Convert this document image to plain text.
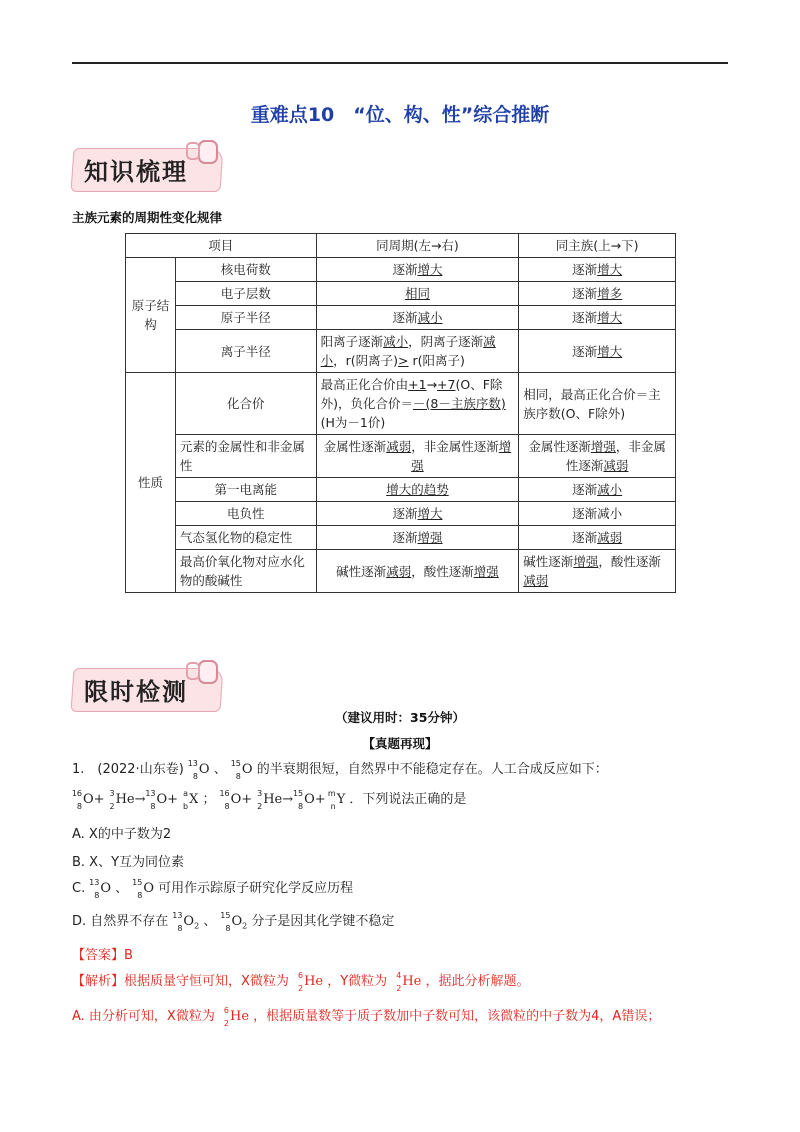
重难点10　“位、构、性”综合推断
知识梳理
主族元素的周期性变化规律
项目		同周期(左→右)	同主族(上→下)
原子结构	核电荷数	逐渐增大	逐渐增大
	电子层数	相同	逐渐增多
	原子半径	逐渐减小	逐渐增大
	离子半径	阳离子逐渐减小，阴离子逐渐减小，r(阴离子)> r(阳离子)	逐渐增大
性质	化合价	最高正化合价由+1→+7(O、F除外)，负化合价＝－(8－主族序数)(H为－1价)	相同，最高正化合价＝主族序数(O、F除外)
	元素的金属性和非金属性	金属性逐渐减弱，非金属性逐渐增强	金属性逐渐增强，非金属性逐渐减弱
	第一电离能	增大的趋势	逐渐减小
	电负性	逐渐增大	逐渐减小
	气态氢化物的稳定性	逐渐增强	逐渐减弱
	最高价氧化物对应水化物的酸碱性	碱性逐渐减弱，酸性逐渐增强	碱性逐渐增强，酸性逐渐减弱
限时检测
（建议用时：35分钟）
【真题再现】
1.　(2022·山东卷) 13
8 O 、 15
8 O 的半衰期很短，自然界中不能稳定存在。人工合成反应如下：
16
8 O+ 3
2 He→ 13
8 O+ a
b X ； 16
8 O+ 3
2 He→ 15
8 O+ m
n Y ．下列说法正确的是
A. X的中子数为2
B. X、Y互为同位素
C. 13
8 O 、 15
8 O 可用作示踪原子研究化学反应历程
D. 自然界不存在 13
8 $O_2$ 、 15
8 $O_2$ 分子是因其化学键不稳定
【答案】B
【解析】根据质量守恒可知，X微粒为 6
2 He ，Y微粒为 4
2 He ，据此分析解题。
A. 由分析可知，X微粒为 6
2 He ，根据质量数等于质子数加中子数可知，该微粒的中子数为4，A错误；
